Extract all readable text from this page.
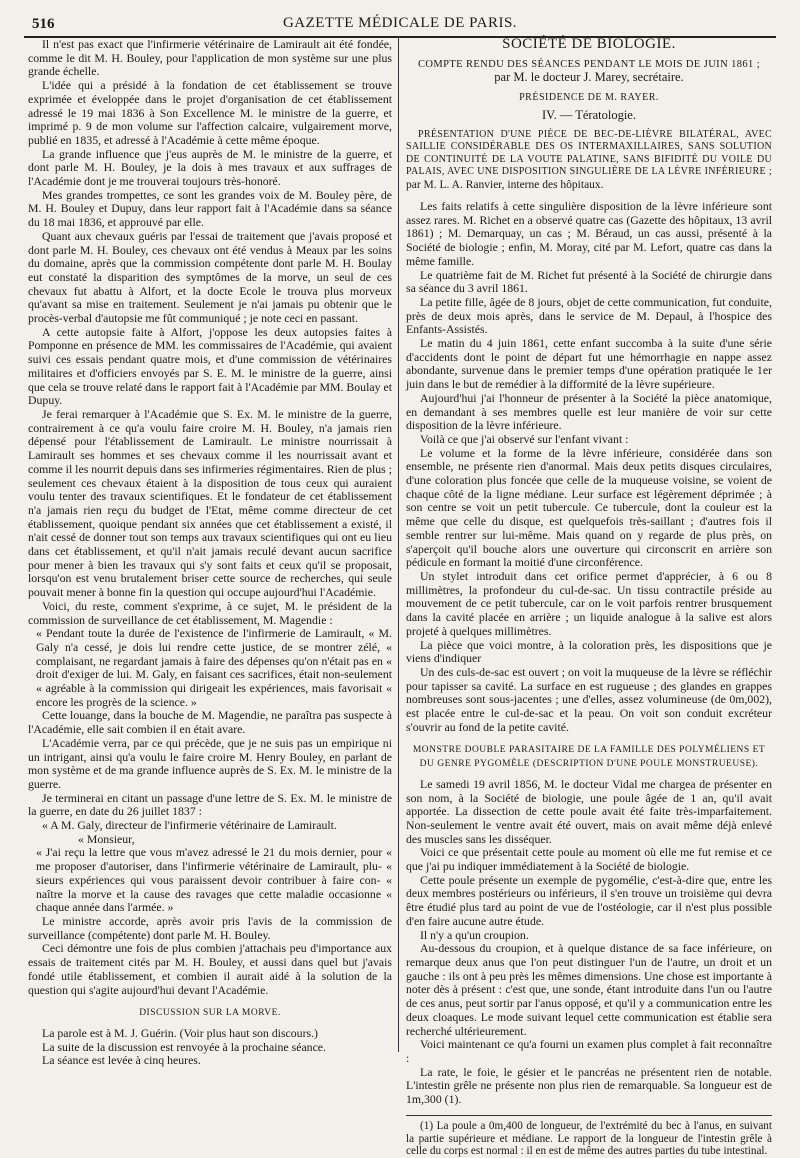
516	GAZETTE MÉDICALE DE PARIS.

Il n'est pas exact que l'infirmerie vétérinaire de Lamirault ait été fondée, comme le dit M. H. Bouley, pour l'application de mon système sur une plus grande échelle.

L'idée qui a présidé à la fondation de cet établissement se trouve exprimée et éveloppée dans le projet d'organisation de cet établissement adressé le 19 mai 1836 à Son Excellence M. le ministre de la guerre, et imprimé p. 9 de mon volume sur l'affection calcaire, vulgairement morve, publié en 1835, et adressé à l'Académie à cette même époque.

La grande influence que j'eus auprès de M. le ministre de la guerre, et dont parle M. H. Bouley, je la dois à mes travaux et aux suffrages de l'Académie dont je me trouverai toujours très-honoré.

Mes grandes trompettes, ce sont les grandes voix de M. Bouley père, de M. H. Bouley et Dupuy, dans leur rapport fait à l'Académie dans sa séance du 18 mai 1836, et approuvé par elle.

Quant aux chevaux guéris par l'essai de traitement que j'avais proposé et dont parle M. H. Bouley, ces chevaux ont été vendus à Meaux par les soins du domaine, après que la commission compétente dont parle M. H. Boulay eut constaté la disparition des symptômes de la morve, un seul de ces chevaux fut abattu à Alfort, et la docte Ecole le trouva plus morveux qu'avant sa mise en traitement. Seulement je n'ai jamais pu obtenir que le procès-verbal d'autopsie me fût communiqué ; je note ceci en passant.

A cette autopsie faite à Alfort, j'oppose les deux autopsies faites à Pomponne en présence de MM. les commissaires de l'Académie, qui avaient suivi ces essais pendant quatre mois, et d'une commission de vétérinaires militaires et d'officiers envoyés par S. E. M. le ministre de la guerre, ainsi que cela se trouve relaté dans le rapport fait à l'Académie par MM. Boulay et Dupuy.

Je ferai remarquer à l'Académie que S. Ex. M. le ministre de la guerre, contrairement à ce qu'a voulu faire croire M. H. Bouley, n'a jamais rien dépensé pour l'établissement de Lamirault. Le ministre nourrissait à Lamirault ses hommes et ses chevaux comme il les nourrissait avant et comme il les nourrit depuis dans ses infirmeries régimentaires. Rien de plus ; seulement ces chevaux étaient à la disposition de tous ceux qui auraient voulu tenter des travaux scientifiques. Et le fondateur de cet établissement n'a jamais rien reçu du budget de l'Etat, même comme directeur de cet établissement, quoique pendant six années que cet établissement a existé, il n'ait cessé de donner tout son temps aux travaux scientifiques qui ont eu lieu dans cet établissement, et qu'il n'ait jamais reculé devant aucun sacrifice pour mener à bien les travaux qui s'y sont faits et ceux qu'il se proposait, lorsqu'on est venu brutalement briser cette source de recherches, qui seule pouvait mener à bonne fin la question qui occupe aujourd'hui l'Académie.

Voici, du reste, comment s'exprime, à ce sujet, M. le président de la commission de surveillance de cet établissement, M. Magendie :

« Pendant toute la durée de l'existence de l'infirmerie de Lamirault, « M. Galy n'a cessé, je dois lui rendre cette justice, de se montrer zélé, « complaisant, ne regardant jamais à faire des dépenses qu'on n'était pas en « droit d'exiger de lui. M. Galy, en faisant ces sacrifices, était non-seulement « agréable à la commission qui dirigeait les expériences, mais favorisait « encore les progrès de la science. »

Cette louange, dans la bouche de M. Magendie, ne paraîtra pas suspecte à l'Académie, elle sait combien il en était avare.

L'Académie verra, par ce qui précède, que je ne suis pas un empirique ni un intrigant, ainsi qu'a voulu le faire croire M. Henry Bouley, en parlant de mon système et de ma grande influence auprès de S. Ex. M. le ministre de la guerre.

Je terminerai en citant un passage d'une lettre de S. Ex. M. le ministre de la guerre, en date du 26 juillet 1837 :

« A M. Galy, directeur de l'infirmerie vétérinaire de Lamirault.

« Monsieur,

« J'ai reçu la lettre que vous m'avez adressé le 21 du mois dernier, pour « me proposer d'autoriser, dans l'infirmerie vétérinaire de Lamirault, plu- « sieurs expériences qui vous paraissent devoir contribuer à faire con- « naître la morve et la cause des ravages que cette maladie occasionne « chaque année dans l'armée. »

Le ministre accorde, après avoir pris l'avis de la commission de surveillance (compétente) dont parle M. H. Bouley.

Ceci démontre une fois de plus combien j'attachais peu d'importance aux essais de traitement cités par M. H. Bouley, et aussi dans quel but j'avais fondé utile établissement, et combien il aurait aidé à la solution de la question qui s'agite aujourd'hui devant l'Académie.

DISCUSSION SUR LA MORVE.

La parole est à M. J. Guérin. (Voir plus haut son discours.)

La suite de la discussion est renvoyée à la prochaine séance.

La séance est levée à cinq heures.

SOCIÉTÉ DE BIOLOGIE.
COMPTE RENDU DES SÉANCES PENDANT LE MOIS DE JUIN 1861 ;
par M. le docteur J. Marey, secrétaire.
PRÉSIDENCE DE M. RAYER.
IV. — Tératologie.
PRÉSENTATION D'UNE PIÈCE DE BEC-DE-LIÈVRE BILATÉRAL, AVEC SAILLIE CONSIDÉRABLE DES OS INTERMAXILLAIRES, SANS SOLUTION DE CONTINUITÉ DE LA VOUTE PALATINE, SANS BIFIDITÉ DU VOILE DU PALAIS, AVEC UNE DISPOSITION SINGULIÈRE DE LA LÈVRE INFÉRIEURE ; par M. L. A. Ranvier, interne des hôpitaux.

Les faits relatifs à cette singulière disposition de la lèvre inférieure sont assez rares. M. Richet en a observé quatre cas (Gazette des hôpitaux, 13 avril 1861) ; M. Demarquay, un cas ; M. Béraud, un cas aussi, présenté à la Société de biologie ; enfin, M. Moray, cité par M. Lefort, quatre cas dans la même famille.

Le quatrième fait de M. Richet fut présenté à la Société de chirurgie dans sa séance du 3 avril 1861.

La petite fille, âgée de 8 jours, objet de cette communication, fut conduite, près de deux mois après, dans le service de M. Depaul, à l'hospice des Enfants-Assistés.

Le matin du 4 juin 1861, cette enfant succomba à la suite d'une série d'accidents dont le point de départ fut une hémorrhagie en nappe assez abondante, survenue dans le premier temps d'une opération pratiquée le 1er juin dans le but de remédier à la difformité de la lèvre supérieure.

Aujourd'hui j'ai l'honneur de présenter à la Société la pièce anatomique, en demandant à ses membres quelle est leur manière de voir sur cette disposition de la lèvre inférieure.

Voilà ce que j'ai observé sur l'enfant vivant :

Le volume et la forme de la lèvre inférieure, considérée dans son ensemble, ne présente rien d'anormal. Mais deux petits disques circulaires, d'une coloration plus foncée que celle de la muqueuse voisine, se voient de chaque côté de la ligne médiane. Leur surface est légèrement déprimée ; à son centre se voit un petit tubercule. Ce tubercule, dont la couleur est la même que celle du disque, est quelquefois très-saillant ; d'autres fois il semble rentrer sur lui-même. Mais quand on y regarde de plus près, on s'aperçoit qu'il bouche alors une ouverture qui circonscrit en arrière son pédicule en formant la moitié d'une circonférence.

Un stylet introduit dans cet orifice permet d'apprécier, à 6 ou 8 millimètres, la profondeur du cul-de-sac. Un tissu contractile préside au mouvement de ce petit tubercule, car on le voit parfois rentrer brusquement dans la cavité placée en arrière ; un liquide analogue à la salive est alors projeté à quelques millimètres.

La pièce que voici montre, à la coloration près, les dispositions que je viens d'indiquer

Un des culs-de-sac est ouvert ; on voit la muqueuse de la lèvre se réfléchir pour tapisser sa cavité. La surface en est rugueuse ; des glandes en grappes nombreuses sont sous-jacentes ; une d'elles, assez volumineuse (de 0m,002), est placée entre le cul-de-sac et la peau. On voit son conduit excréteur s'ouvrir au fond de la petite cavité.

MONSTRE DOUBLE PARASITAIRE DE LA FAMILLE DES POLYMÉLIENS ET DU GENRE PYGOMÈLE (DESCRIPTION D'UNE POULE MONSTRUEUSE).

Le samedi 19 avril 1856, M. le docteur Vidal me chargea de présenter en son nom, à la Société de biologie, une poule âgée de 1 an, qu'il avait apportée. La dissection de cette poule avait été faite très-imparfaitement. Non-seulement le ventre avait été ouvert, mais on avait même déjà enlevé des muscles sans les disséquer.

Voici ce que présentait cette poule au moment où elle me fut remise et ce que j'ai pu indiquer immédiatement à la Société de biologie.

Cette poule présente un exemple de pygomélie, c'est-à-dire que, entre les deux membres postérieurs ou inférieurs, il s'en trouve un troisième qui devra être étudié plus tard au point de vue de l'ostéologie, car il n'est plus possible d'en faire aucune autre étude.

Il n'y a qu'un croupion.

Au-dessous du croupion, et à quelque distance de sa face inférieure, on remarque deux anus que l'on peut distinguer l'un de l'autre, un droit et un gauche : ils ont à peu près les mêmes dimensions. Une chose est importante à noter dès à présent : c'est que, une sonde, étant introduite dans l'un ou l'autre de ces anus, peut sortir par l'anus opposé, et qu'il y a communication entre les deux cloaques. Le mode suivant lequel cette communication est établie sera recherché ultérieurement.

Voici maintenant ce qu'a fourni un examen plus complet à fait reconnaître :

La rate, le foie, le gésier et le pancréas ne présentent rien de notable. L'intestin grêle ne présente non plus rien de remarquable. Sa longueur est de 1m,300 (1).

(1) La poule a 0m,400 de longueur, de l'extrémité du bec à l'anus, en suivant la partie supérieure et médiane. Le rapport de la longueur de l'intestin grêle à celle du corps est normal : il en est de même des autres parties du tube intestinal.
